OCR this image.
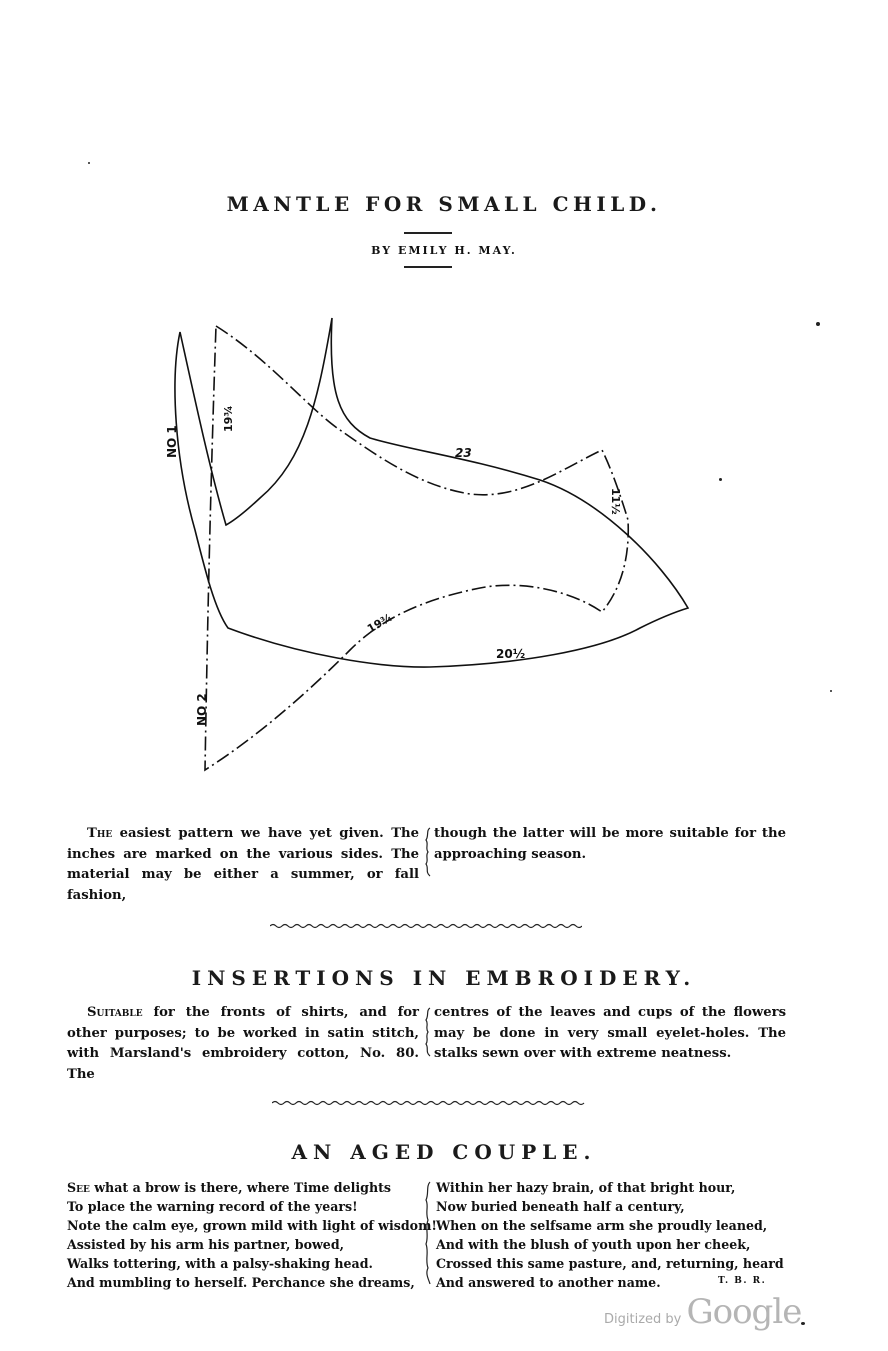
MANTLE FOR SMALL CHILD.
BY EMILY H. MAY.
NO 1
19¾
23
11½
19¾
20½
NO 2
The easiest pattern we have yet given. The inches are marked on the various sides. The material may be either a summer, or fall fashion,
though the latter will be more suitable for the approaching season.
INSERTIONS IN EMBROIDERY.
Suitable for the fronts of shirts, and for other purposes; to be worked in satin stitch, with Marsland's embroidery cotton, No. 80. The
centres of the leaves and cups of the flowers may be done in very small eyelet-holes. The stalks sewn over with extreme neatness.
AN AGED COUPLE.
See what a brow is there, where Time delights
To place the warning record of the years!
Note the calm eye, grown mild with light of wisdom!
Assisted by his arm his partner, bowed,
Walks tottering, with a palsy-shaking head.
And mumbling to herself. Perchance she dreams,
Within her hazy brain, of that bright hour,
Now buried beneath half a century,
When on the selfsame arm she proudly leaned,
And with the blush of youth upon her cheek,
Crossed this same pasture, and, returning, heard
And answered to another name.	T. B. R.
Digitized by Google
